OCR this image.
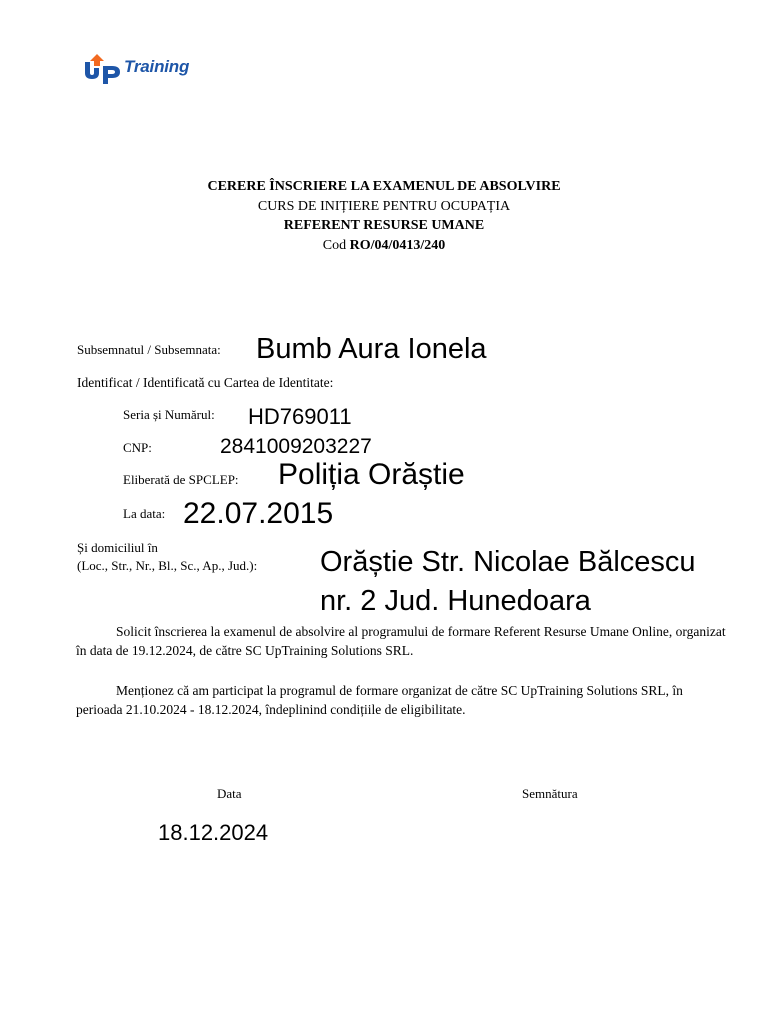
Training
CERERE ÎNSCRIERE LA EXAMENUL DE ABSOLVIRE
CURS DE INIȚIERE PENTRU OCUPAȚIA
REFERENT RESURSE UMANE
Cod RO/04/0413/240
Subsemnatul / Subsemnata: Bumb Aura Ionela
Identificat / Identificată cu Cartea de Identitate:
Seria și Numărul: HD769011
CNP:	2841009203227
Eliberată de SPCLEP: Poliția Orăștie
La data: 22.07.2015
Și domiciliul în
(Loc., Str., Nr., Bl., Sc., Ap., Jud.): Orăștie Str. Nicolae Bălcescu
nr. 2 Jud. Hunedoara
Solicit înscrierea la examenul de absolvire al programului de formare Referent Resurse Umane Online, organizat în data de 19.12.2024, de către SC UpTraining Solutions SRL.
Menționez că am participat la programul de formare organizat de către SC UpTraining Solutions SRL, în perioada 21.10.2024 - 18.12.2024, îndeplinind condițiile de eligibilitate.
Data	Semnătura
18.12.2024
